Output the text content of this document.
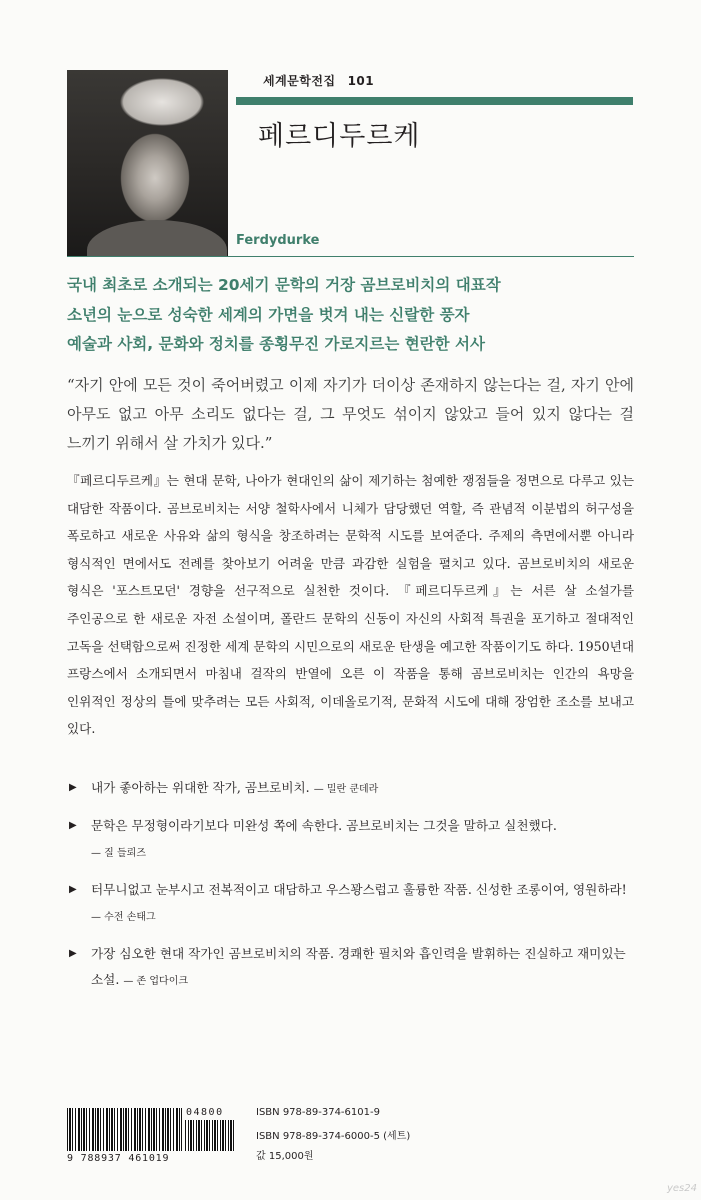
세계문학전집 101
페르디두르케
Ferdydurke
국내 최초로 소개되는 20세기 문학의 거장 곰브로비치의 대표작
소년의 눈으로 성숙한 세계의 가면을 벗겨 내는 신랄한 풍자
예술과 사회, 문화와 정치를 종횡무진 가로지르는 현란한 서사
“자기 안에 모든 것이 죽어버렸고 이제 자기가 더이상 존재하지 않는다는 걸, 자기 안에 아무도 없고 아무 소리도 없다는 걸, 그 무엇도 섞이지 않았고 들어 있지 않다는 걸 느끼기 위해서 살 가치가 있다.”
『페르디두르케』는 현대 문학, 나아가 현대인의 삶이 제기하는 첨예한 쟁점들을 정면으로 다루고 있는 대담한 작품이다. 곰브로비치는 서양 철학사에서 니체가 담당했던 역할, 즉 관념적 이분법의 허구성을 폭로하고 새로운 사유와 삶의 형식을 창조하려는 문학적 시도를 보여준다. 주제의 측면에서뿐 아니라 형식적인 면에서도 전례를 찾아보기 어려울 만큼 과감한 실험을 펼치고 있다. 곰브로비치의 새로운 형식은 '포스트모던' 경향을 선구적으로 실천한 것이다. 『페르디두르케』는 서른 살 소설가를 주인공으로 한 새로운 자전 소설이며, 폴란드 문학의 신동이 자신의 사회적 특권을 포기하고 절대적인 고독을 선택함으로써 진정한 세계 문학의 시민으로의 새로운 탄생을 예고한 작품이기도 하다. 1950년대 프랑스에서 소개되면서 마침내 걸작의 반열에 오른 이 작품을 통해 곰브로비치는 인간의 욕망을 인위적인 정상의 틀에 맞추려는 모든 사회적, 이데올로기적, 문화적 시도에 대해 장엄한 조소를 보내고 있다.
▶ 내가 좋아하는 위대한 작가, 곰브로비치. — 밀란 쿤데라
▶ 문학은 무정형이라기보다 미완성 쪽에 속한다. 곰브로비치는 그것을 말하고 실천했다.
— 질 들뢰즈
▶ 터무니없고 눈부시고 전복적이고 대담하고 우스꽝스럽고 훌륭한 작품. 신성한 조롱이여, 영원하라! — 수전 손태그
▶ 가장 심오한 현대 작가인 곰브로비치의 작품. 경쾌한 필치와 흡인력을 발휘하는 진실하고 재미있는 소설. — 존 업다이크
04800
9 788937 461019
ISBN 978-89-374-6101-9
ISBN 978-89-374-6000-5 (세트)
값 15,000원
yes24
